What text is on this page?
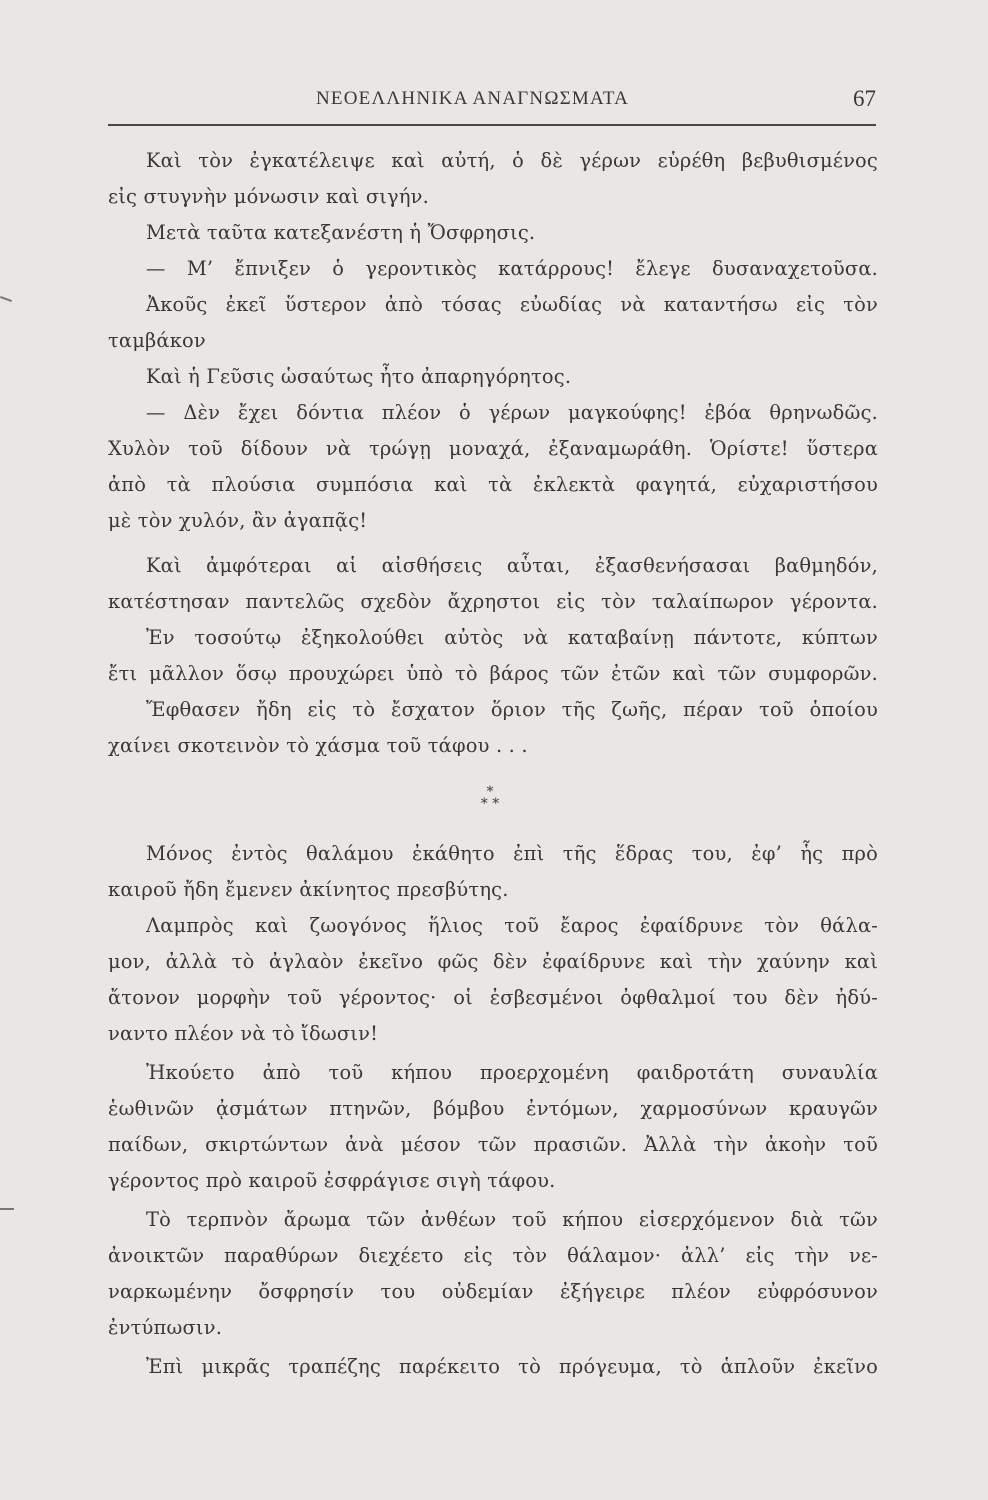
ΝΕΟΕΛΛΗΝΙΚΑ ΑΝΑΓΝΩΣΜΑΤΑ	67
Καὶ τὸν ἐγκατέλειψε καὶ αὐτή, ὁ δὲ γέρων εὑρέθη βεβυθισμένος
εἰς στυγνὴν μόνωσιν καὶ σιγήν.
Μετὰ ταῦτα κατεξανέστη ἡ Ὄσφρησις.
— Μ’ ἔπνιξεν ὁ γεροντικὸς κατάρρους! ἔλεγε δυσαναχετοῦσα.
Ἀκοῦς ἐκεῖ ὕστερον ἀπὸ τόσας εὐωδίας νὰ καταντήσω εἰς τὸν
ταμβάκον
Καὶ ἡ Γεῦσις ὡσαύτως ἦτο ἀπαρηγόρητος.
— Δὲν ἔχει δόντια πλέον ὁ γέρων μαγκούφης! ἐβόα θρηνωδῶς.
Χυλὸν τοῦ δίδουν νὰ τρώγῃ μοναχά, ἐξαναμωράθη. Ὁρίστε! ὕστερα
ἀπὸ τὰ πλούσια συμπόσια καὶ τὰ ἐκλεκτὰ φαγητά, εὐχαριστήσου
μὲ τὸν χυλόν, ἂν ἀγαπᾷς!
Καὶ ἀμφότεραι αἱ αἰσθήσεις αὗται, ἐξασθενήσασαι βαθμηδόν,
κατέστησαν παντελῶς σχεδὸν ἄχρηστοι εἰς τὸν ταλαίπωρον γέροντα.
Ἐν τοσούτῳ ἐξηκολούθει αὐτὸς νὰ καταβαίνῃ πάντοτε, κύπτων
ἔτι μᾶλλον ὅσῳ προυχώρει ὑπὸ τὸ βάρος τῶν ἐτῶν καὶ τῶν συμφορῶν.
Ἔφθασεν ἤδη εἰς τὸ ἔσχατον ὅριον τῆς ζωῆς, πέραν τοῦ ὁποίου
χαίνει σκοτεινὸν τὸ χάσμα τοῦ τάφου . . .
*
* *
Μόνος ἐντὸς θαλάμου ἐκάθητο ἐπὶ τῆς ἕδρας του, ἐφ’ ἧς πρὸ
καιροῦ ἤδη ἔμενεν ἀκίνητος πρεσβύτης.
Λαμπρὸς καὶ ζωογόνος ἥλιος τοῦ ἔαρος ἐφαίδρυνε τὸν θάλα-
μον, ἀλλὰ τὸ ἀγλαὸν ἐκεῖνο φῶς δὲν ἐφαίδρυνε καὶ τὴν χαύνην καὶ
ἄτονον μορφὴν τοῦ γέροντος· οἱ ἐσβεσμένοι ὀφθαλμοί του δὲν ἠδύ-
ναντο πλέον νὰ τὸ ἴδωσιν!
Ἠκούετο ἀπὸ τοῦ κήπου προερχομένη φαιδροτάτη συναυλία
ἑωθινῶν ᾀσμάτων πτηνῶν, βόμβου ἐντόμων, χαρμοσύνων κραυγῶν
παίδων, σκιρτώντων ἀνὰ μέσον τῶν πρασιῶν. Ἀλλὰ τὴν ἀκοὴν τοῦ
γέροντος πρὸ καιροῦ ἐσφράγισε σιγὴ τάφου.
Τὸ τερπνὸν ἄρωμα τῶν ἀνθέων τοῦ κήπου εἰσερχόμενον διὰ τῶν
ἀνοικτῶν παραθύρων διεχέετο εἰς τὸν θάλαμον· ἀλλ’ εἰς τὴν νε-
ναρκωμένην ὄσφρησίν του οὐδεμίαν ἐξήγειρε πλέον εὐφρόσυνον
ἐντύπωσιν.
Ἐπὶ μικρᾶς τραπέζης παρέκειτο τὸ πρόγευμα, τὸ ἁπλοῦν ἐκεῖνο
